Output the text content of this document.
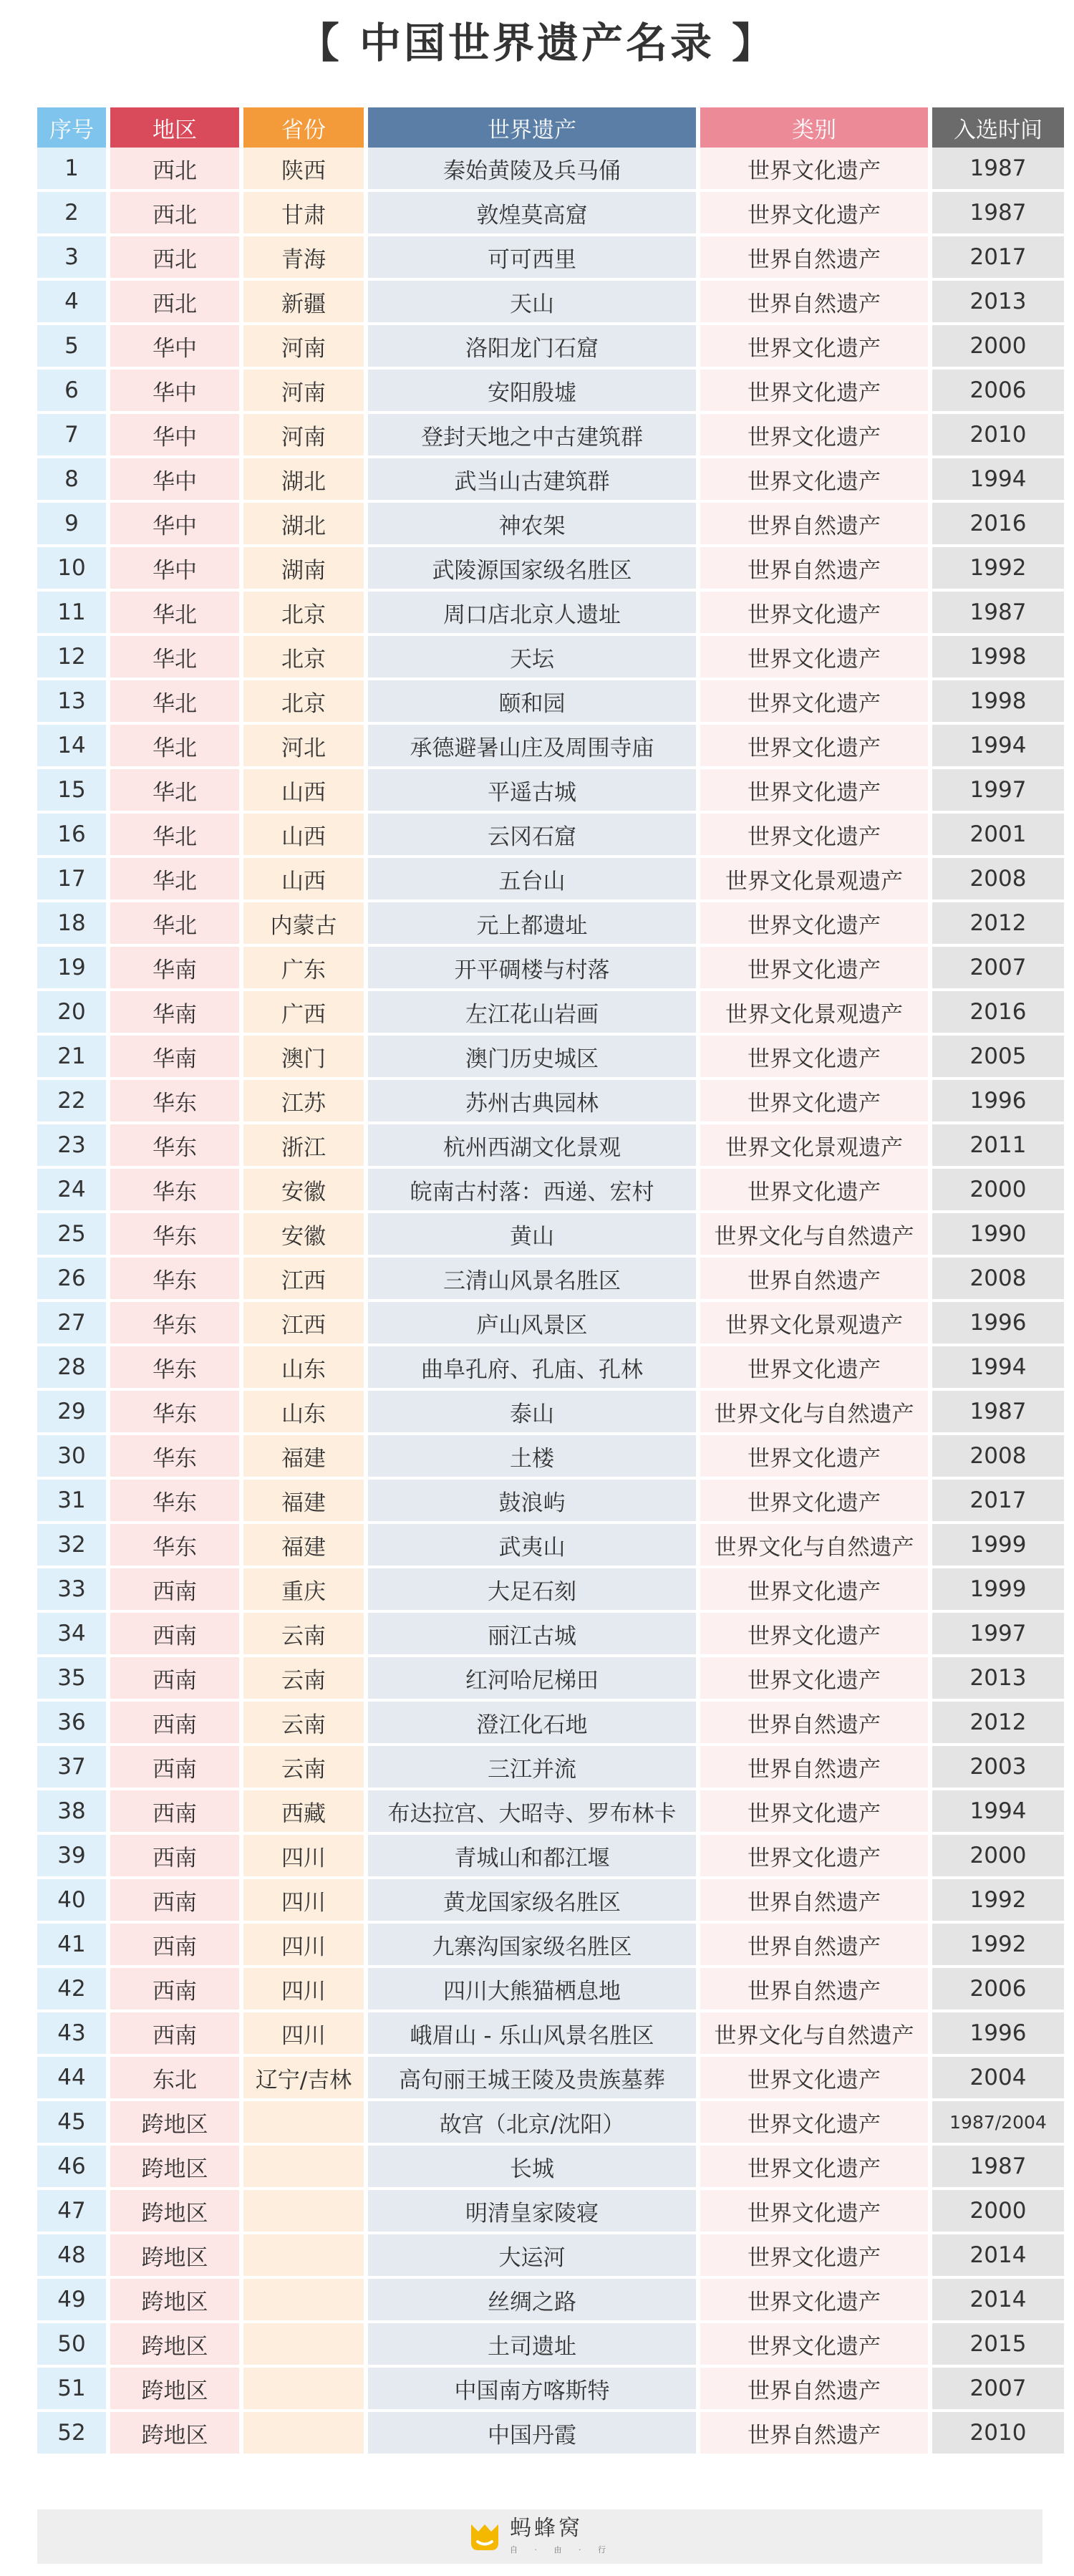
【 中国世界遗产名录 】
序号	地区	省份	世界遗产	类别	入选时间
1	西北	陕西	秦始黄陵及兵马俑	世界文化遗产	1987
2	西北	甘肃	敦煌莫高窟	世界文化遗产	1987
3	西北	青海	可可西里	世界自然遗产	2017
4	西北	新疆	天山	世界自然遗产	2013
5	华中	河南	洛阳龙门石窟	世界文化遗产	2000
6	华中	河南	安阳殷墟	世界文化遗产	2006
7	华中	河南	登封天地之中古建筑群	世界文化遗产	2010
8	华中	湖北	武当山古建筑群	世界文化遗产	1994
9	华中	湖北	神农架	世界自然遗产	2016
10	华中	湖南	武陵源国家级名胜区	世界自然遗产	1992
11	华北	北京	周口店北京人遗址	世界文化遗产	1987
12	华北	北京	天坛	世界文化遗产	1998
13	华北	北京	颐和园	世界文化遗产	1998
14	华北	河北	承德避暑山庄及周围寺庙	世界文化遗产	1994
15	华北	山西	平遥古城	世界文化遗产	1997
16	华北	山西	云冈石窟	世界文化遗产	2001
17	华北	山西	五台山	世界文化景观遗产	2008
18	华北	内蒙古	元上都遗址	世界文化遗产	2012
19	华南	广东	开平碉楼与村落	世界文化遗产	2007
20	华南	广西	左江花山岩画	世界文化景观遗产	2016
21	华南	澳门	澳门历史城区	世界文化遗产	2005
22	华东	江苏	苏州古典园林	世界文化遗产	1996
23	华东	浙江	杭州西湖文化景观	世界文化景观遗产	2011
24	华东	安徽	皖南古村落：西递、宏村	世界文化遗产	2000
25	华东	安徽	黄山	世界文化与自然遗产	1990
26	华东	江西	三清山风景名胜区	世界自然遗产	2008
27	华东	江西	庐山风景区	世界文化景观遗产	1996
28	华东	山东	曲阜孔府、孔庙、孔林	世界文化遗产	1994
29	华东	山东	泰山	世界文化与自然遗产	1987
30	华东	福建	土楼	世界文化遗产	2008
31	华东	福建	鼓浪屿	世界文化遗产	2017
32	华东	福建	武夷山	世界文化与自然遗产	1999
33	西南	重庆	大足石刻	世界文化遗产	1999
34	西南	云南	丽江古城	世界文化遗产	1997
35	西南	云南	红河哈尼梯田	世界文化遗产	2013
36	西南	云南	澄江化石地	世界自然遗产	2012
37	西南	云南	三江并流	世界自然遗产	2003
38	西南	西藏	布达拉宫、大昭寺、罗布林卡	世界文化遗产	1994
39	西南	四川	青城山和都江堰	世界文化遗产	2000
40	西南	四川	黄龙国家级名胜区	世界自然遗产	1992
41	西南	四川	九寨沟国家级名胜区	世界自然遗产	1992
42	西南	四川	四川大熊猫栖息地	世界自然遗产	2006
43	西南	四川	峨眉山 - 乐山风景名胜区	世界文化与自然遗产	1996
44	东北	辽宁/吉林	高句丽王城王陵及贵族墓葬	世界文化遗产	2004
45	跨地区		故宫（北京/沈阳）	世界文化遗产	1987/2004
46	跨地区		长城	世界文化遗产	1987
47	跨地区		明清皇家陵寝	世界文化遗产	2000
48	跨地区		大运河	世界文化遗产	2014
49	跨地区		丝绸之路	世界文化遗产	2014
50	跨地区		土司遗址	世界文化遗产	2015
51	跨地区		中国南方喀斯特	世界自然遗产	2007
52	跨地区		中国丹霞	世界自然遗产	2010
蚂蜂窝
自 · 由 · 行
